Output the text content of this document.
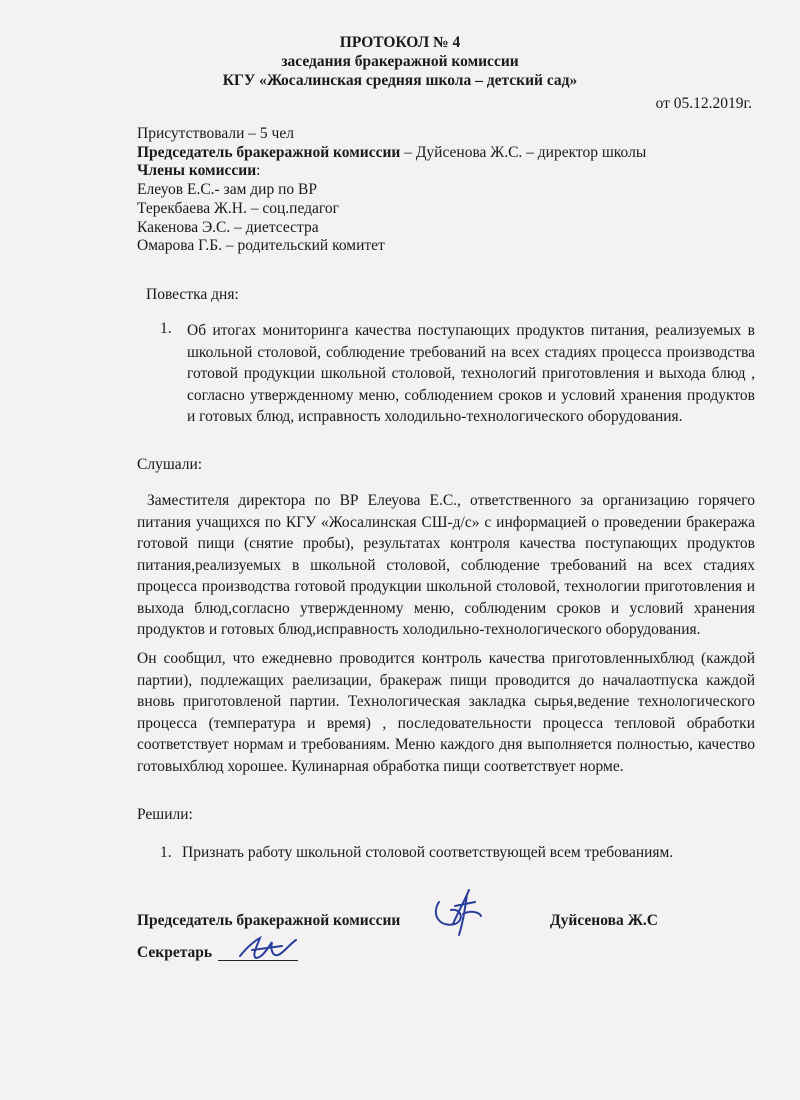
ПРОТОКОЛ № 4
заседания бракеражной комиссии
КГУ «Жосалинская средняя школа – детский сад»
от 05.12.2019г.
Присутствовали – 5 чел
Председатель бракеражной комиссии – Дуйсенова Ж.С. – директор школы
Члены комиссии:
Елеуов Е.С.- зам дир по ВР
Терекбаева Ж.Н. – соц.педагог
Какенова Э.С. – диетсестра
Омарова Г.Б. – родительский комитет
Повестка дня:
1. Об итогах мониторинга качества поступающих продуктов питания, реализуемых в школьной столовой, соблюдение требований на всех стадиях процесса производства готовой продукции школьной столовой, технологий приготовления и выхода блюд , согласно утвержденному меню, соблюдением сроков и условий хранения продуктов и готовых блюд, исправность холодильно-технологического оборудования.
Слушали:
Заместителя директора по ВР Елеуова Е.С., ответственного за организацию горячего питания учащихся по КГУ «Жосалинская СШ-д/с» с информацией о проведении бракеража готовой пищи (снятие пробы), результатах контроля качества поступающих продуктов питания,реализуемых в школьной столовой, соблюдение требований на всех стадиях процесса производства готовой продукции школьной столовой, технологии приготовления и выхода блюд,согласно утвержденному меню, соблюденим сроков и условий хранения продуктов и готовых блюд,исправность холодильно-технологического оборудования.
Он сообщил, что ежедневно проводится контроль качества приготовленныхблюд (каждой партии), подлежащих раелизации, бракераж пищи проводится до началаотпуска каждой вновь приготовленой партии. Технологическая закладка сырья,ведение технологического процесса (температура и время) , последовательности процесса тепловой обработки соответствует нормам и требованиям. Меню каждого дня выполняется полностью, качество готовыхблюд хорошее. Кулинарная обработка пищи соответствует норме.
Решили:
1. Признать работу школьной столовой соответствующей всем требованиям.
Председатель бракеражной комиссии	Дуйсенова Ж.С
Секретарь
